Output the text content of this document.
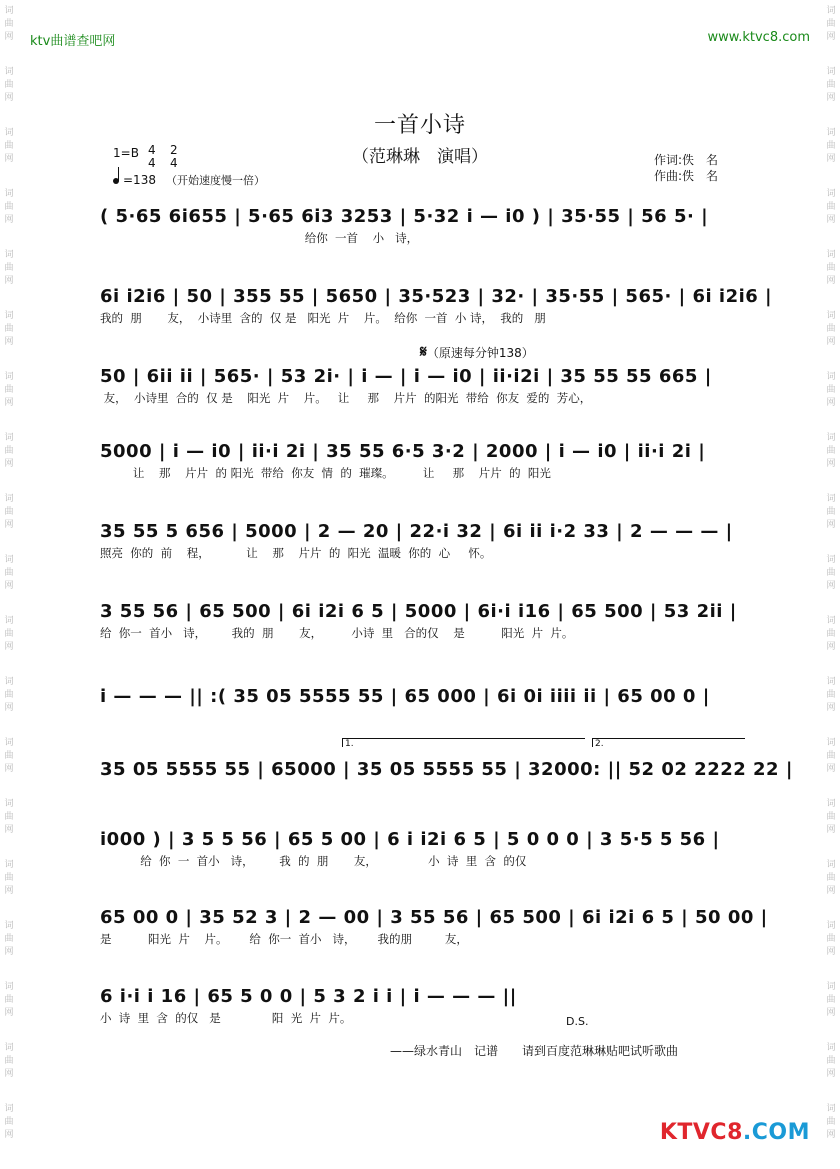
词
曲
网
词
曲
网
词
曲
网
词
曲
网
词
曲
网
词
曲
网
词
曲
网
词
曲
网
词
曲
网
词
曲
网
词
曲
网
词
曲
网
词
曲
网
词
曲
网
词
曲
网
词
曲
网
词
曲
网
词
曲
网
词
曲
网
词
曲
网
词
曲
网
词
曲
网
词
曲
网
词
曲
网
词
曲
网
词
曲
网
词
曲
网
词
曲
网
词
曲
网
词
曲
网
词
曲
网
词
曲
网
词
曲
网
词
曲
网
词
曲
网
词
曲
网
词
曲
网
词
曲
网
ktv曲谱查吧网	www.ktvc8.com
一首小诗
（范琳琳　演唱）	作词:佚　名
作曲:佚　名
1=B 4
4
2
4
=138 （开始速度慢一倍）
𝄋（原速每分钟138）
( 5·65 6i655 | 5·65 6i3 3253 | 5·32 i — i0 ) | 35·55 | 56 5· |
给你  一首    小   诗，
6i i2i6 | 50 | 355 55 | 5650 | 35·523 | 32· | 35·55 | 565· | 6i i2i6 |
我的  朋       友，  小诗里  含的  仅 是   阳光  片    片。  给你  一首  小 诗，  我的   朋
50 | 6ii ii | 565· | 53 2i· | i — | i — i0 | ii·i2i | 35 55 55 665 |
友，  小诗里  合的  仅 是    阳光  片    片。   让     那    片片  的阳光  带给  你友  爱的  芳心，
5000 | i — i0 | ii·i 2i | 35 55 6·5 3·2 | 2000 | i — i0 | ii·i 2i |
让    那    片片  的 阳光  带给  你友  情  的  璀璨。        让     那    片片  的  阳光
35 55 5 656 | 5000 | 2 — 20 | 22·i 32 | 6i ii i·2 33 | 2 — — — |
照亮  你的  前    程，          让    那    片片  的  阳光  温暖  你的  心     怀。
3 55 56 | 65 500 | 6i i2i 6 5 | 5000 | 6i·i i16 | 65 500 | 53 2ii |
给  你一  首小   诗，       我的  朋       友，        小诗  里   合的仅    是          阳光  片  片。
i — — — || :( 35 05 5555 55 | 65 000 | 6i 0i iiii ii | 65 00 0 |
35 05 5555 55 | 65000 | 35 05 5555 55 | 32000: || 52 02 2222 22 |
i000 ) | 3 5 5 56 | 65 5 00 | 6 i i2i 6 5 | 5 0 0 0 | 3 5·5 5 56 |
给  你  一  首小   诗，       我  的  朋       友，              小  诗  里  含  的仅
65 00 0 | 35 52 3 | 2 — 00 | 3 55 56 | 65 500 | 6i i2i 6 5 | 50 00 |
是          阳光  片    片。      给  你一  首小   诗，      我的朋         友，
6 i·i i 16 | 65 5 0 0 | 5 3 2 i i | i — — — ||
小  诗  里  含  的仅   是              阳  光  片  片。
1.	2.
D.S.
——绿水青山　记谱　　请到百度范琳琳贴吧试听歌曲
KTVC8.COM
